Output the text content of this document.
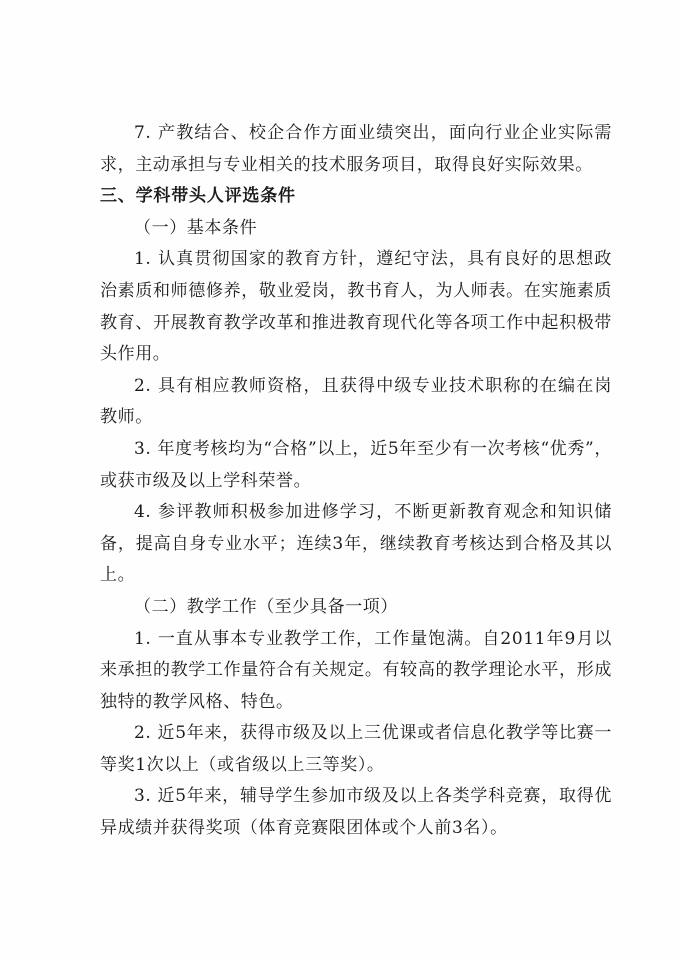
7. 产教结合、校企合作方面业绩突出，面向行业企业实际需求，主动承担与专业相关的技术服务项目，取得良好实际效果。

三、学科带头人评选条件

（一）基本条件

1. 认真贯彻国家的教育方针，遵纪守法，具有良好的思想政治素质和师德修养，敬业爱岗，教书育人，为人师表。在实施素质教育、开展教育教学改革和推进教育现代化等各项工作中起积极带头作用。

2. 具有相应教师资格，且获得中级专业技术职称的在编在岗教师。

3. 年度考核均为“合格”以上，近5年至少有一次考核“优秀”，或获市级及以上学科荣誉。

4. 参评教师积极参加进修学习，不断更新教育观念和知识储备，提高自身专业水平；连续3年，继续教育考核达到合格及其以上。

（二）教学工作（至少具备一项）

1. 一直从事本专业教学工作，工作量饱满。自2011年9月以来承担的教学工作量符合有关规定。有较高的教学理论水平，形成独特的教学风格、特色。

2. 近5年来，获得市级及以上三优课或者信息化教学等比赛一等奖1次以上（或省级以上三等奖）。

3. 近5年来，辅导学生参加市级及以上各类学科竞赛，取得优异成绩并获得奖项（体育竞赛限团体或个人前3名）。
